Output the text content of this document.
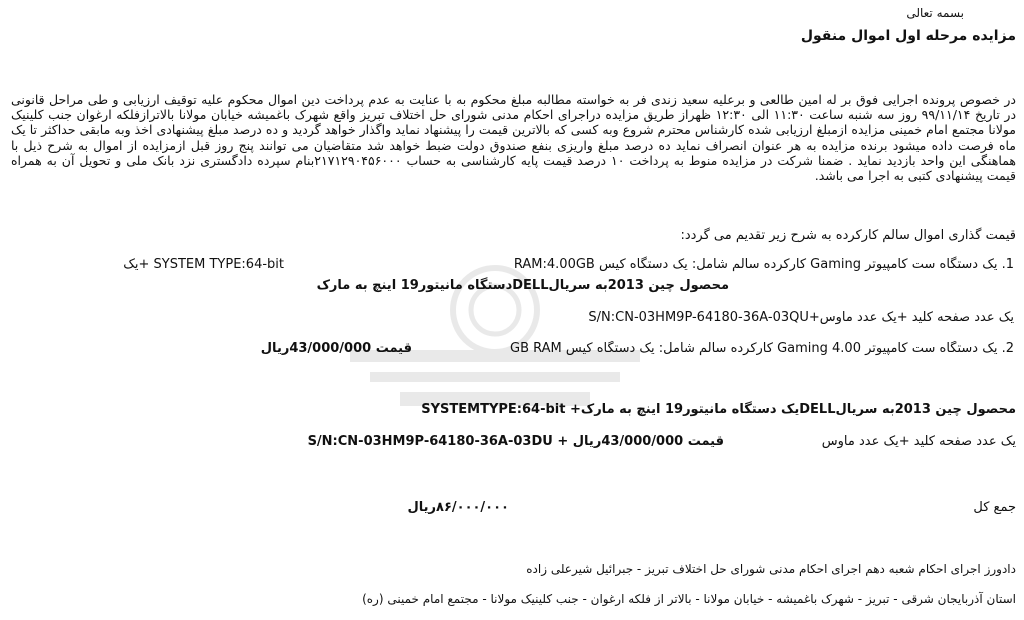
بسمه تعالی
مزایده مرحله اول اموال منقول
در خصوص پرونده اجرایی فوق بر له امین طالعی و برعلیه سعید زندی فر به خواسته مطالبه مبلغ محکوم به با عنایت به عدم پرداخت دین اموال محکوم علیه توقیف ارزیابی و طی مراحل قانونی در تاریخ ۹۹/۱۱/۱۴ روز سه شنبه ساعت ۱۱:۳۰ الی ۱۲:۳۰ ظهراز طریق مزایده دراجرای احکام مدنی شورای حل اختلاف تبریز واقع شهرک باغمیشه خیابان مولانا بالاترازفلکه ارغوان جنب کلینیک مولانا مجتمع امام خمینی مزایده ازمبلغ ارزیابی شده کارشناس محترم شروع وبه کسی که بالاترین قیمت را پیشنهاد نماید واگذار خواهد گردید و ده درصد مبلغ پیشنهادی اخذ وبه مابقی حداکثر تا یک ماه فرصت داده میشود برنده مزایده به هر عنوان انصراف نماید ده درصد مبلغ واریزی بنفع صندوق دولت ضبط خواهد شد متقاضیان می توانند پنج روز قبل ازمزایده از اموال به شرح ذیل با هماهنگی این واحد بازدید نماید . ضمنا شرکت در مزایده منوط به پرداخت ۱۰ درصد قیمت پایه کارشناسی به حساب ۲۱۷۱۲۹۰۴۵۶۰۰۰بنام سپرده دادگستری نزد بانک ملی و تحویل آن به همراه قیمت پیشنهادی کتبی به اجرا می باشد.
قیمت گذاری اموال سالم کارکرده به شرح زیر تقدیم می گردد:
1. یک دستگاه ست کامپیوتر Gaming کارکرده سالم شامل: یک دستگاه کیس RAM:4.00GB
SYSTEM TYPE:64-bit +یک
محصول چین 2013به سریالDELLدستگاه مانیتور19 اینچ به مارک
یک عدد صفحه کلید +یک عدد ماوس+S/N:CN-03HM9P-64180-36A-03QU
قیمت 43/000/000ریال	2. یک دستگاه ست کامپیوتر Gaming 4.00 کارکرده سالم شامل: یک دستگاه کیس GB RAM
محصول چین 2013به سریالDELLیک دستگاه مانیتور19 اینچ به مارک+ SYSTEMTYPE:64-bit
یک عدد صفحه کلید +یک عدد ماوس
قیمت 43/000/000ریال + S/N:CN-03HM9P-64180-36A-03DU
جمع کل
۸۶/۰۰۰/۰۰۰ریال
دادورز اجرای احکام شعبه دهم اجرای احکام مدنی شورای حل اختلاف تبریز - جبرائیل شیرعلی زاده
استان آذربایجان شرقی - تبریز - شهرک باغمیشه - خیابان مولانا - بالاتر از فلکه ارغوان - جنب کلینیک مولانا - مجتمع امام خمینی (ره)
